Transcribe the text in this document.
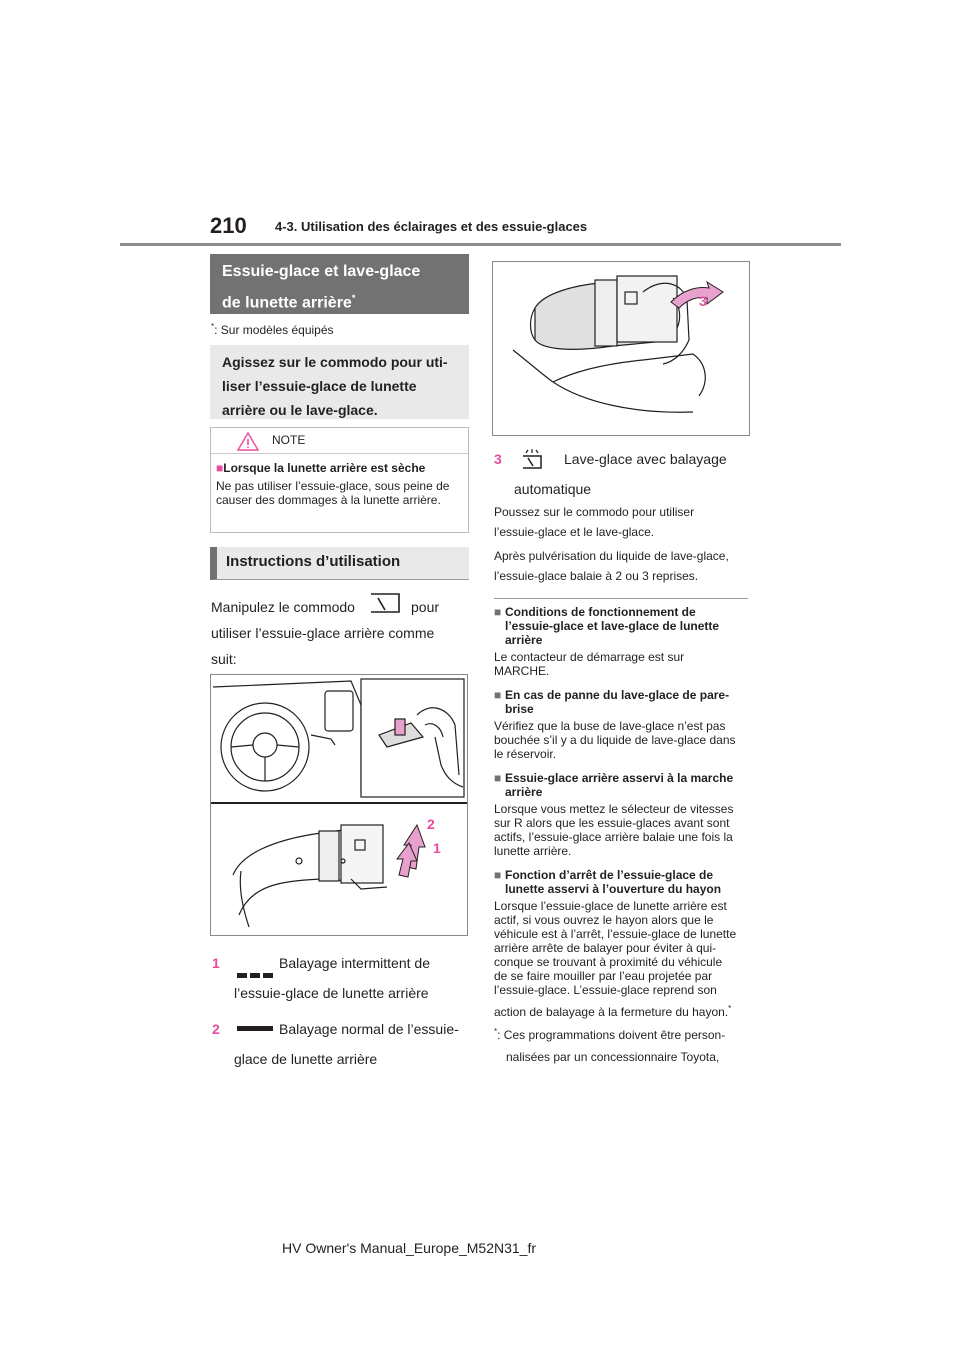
210 4-3. Utilisation des éclairages et des essuie-glaces
Essuie-glace et lave-glace
de lunette arrière*
*: Sur modèles équipés
Agissez sur le commodo pour uti-
liser l’essuie-glace de lunette
arrière ou le lave-glace.
NOTE
■Lorsque la lunette arrière est sèche
Ne pas utiliser l’essuie-glace, sous peine de causer des dommages à la lunette arrière.
Instructions d’utilisation
Manipulez le commodo	pour
utiliser l’essuie-glace arrière comme
suit:
2
1
1	Balayage intermittent de
l’essuie-glace de lunette arrière
2	Balayage normal de l’essuie-
glace de lunette arrière
3
3	Lave-glace avec balayage
automatique
Poussez sur le commodo pour utiliser
l’essuie-glace et le lave-glace.
Après pulvérisation du liquide de lave-glace,
l’essuie-glace balaie à 2 ou 3 reprises.
■ Conditions de fonctionnement de
l’essuie-glace et lave-glace de lunette
arrière
Le contacteur de démarrage est sur
MARCHE.
■ En cas de panne du lave-glace de pare-
brise
Vérifiez que la buse de lave-glace n’est pas
bouchée s’il y a du liquide de lave-glace dans
le réservoir.
■ Essuie-glace arrière asservi à la marche
arrière
Lorsque vous mettez le sélecteur de vitesses
sur R alors que les essuie-glaces avant sont
actifs, l’essuie-glace arrière balaie une fois la
lunette arrière.
■ Fonction d’arrêt de l’essuie-glace de
lunette asservi à l’ouverture du hayon
Lorsque l’essuie-glace de lunette arrière est
actif, si vous ouvrez le hayon alors que le
véhicule est à l’arrêt, l’essuie-glace de lunette
arrière arrête de balayer pour éviter à qui-
conque se trouvant à proximité du véhicule
de se faire mouiller par l’eau projetée par
l’essuie-glace. L’essuie-glace reprend son
action de balayage à la fermeture du hayon.*
*: Ces programmations doivent être person-
nalisées par un concessionnaire Toyota,
HV Owner's Manual_Europe_M52N31_fr
